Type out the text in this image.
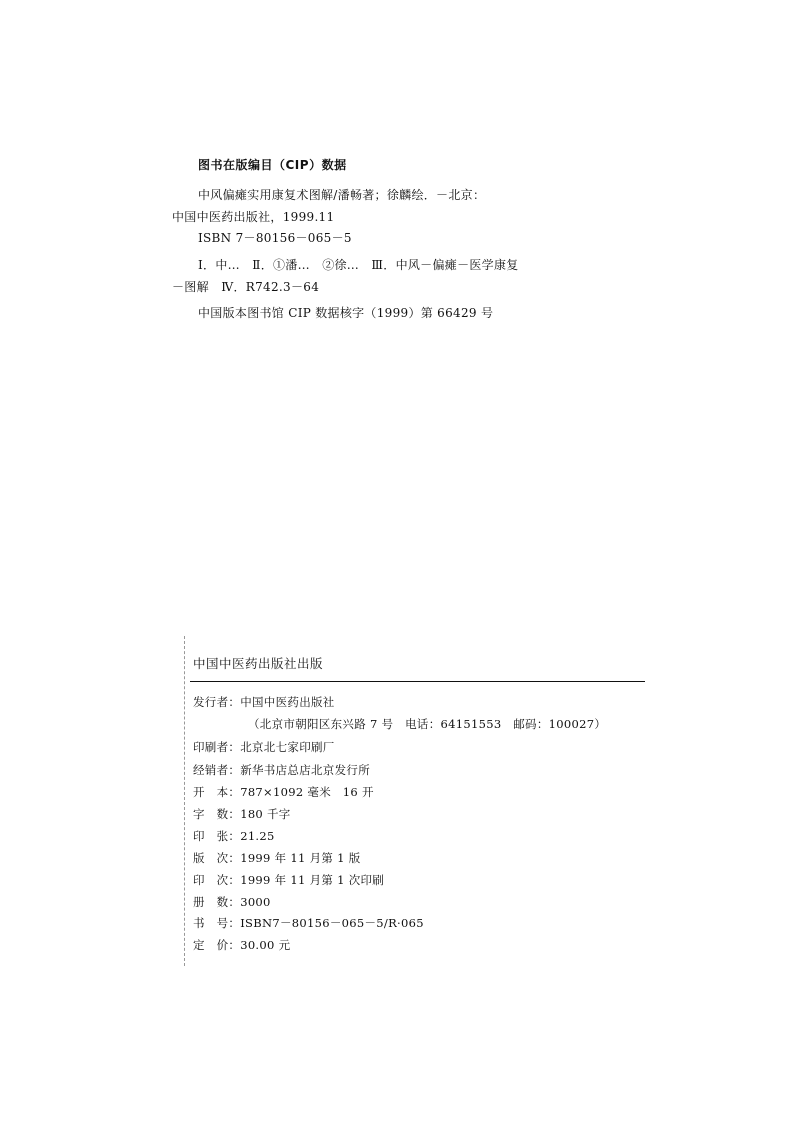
图书在版编目（CIP）数据
中风偏瘫实用康复术图解/潘畅著；徐麟绘．－北京：
中国中医药出版社，1999.11
ISBN 7－80156－065－5
Ⅰ．中…　Ⅱ．①潘…　②徐…　Ⅲ．中风－偏瘫－医学康复
－图解　Ⅳ．R742.3－64
中国版本图书馆 CIP 数据核字（1999）第 66429 号
中国中医药出版社出版
发行者：中国中医药出版社
（北京市朝阳区东兴路 7 号　电话：64151553　邮码：100027）
印刷者：北京北七家印刷厂
经销者：新华书店总店北京发行所
开　本：787×1092 毫米　16 开
字　数：180 千字
印　张：21.25
版　次：1999 年 11 月第 1 版
印　次：1999 年 11 月第 1 次印刷
册　数：3000
书　号：ISBN7－80156－065－5/R·065
定　价：30.00 元
